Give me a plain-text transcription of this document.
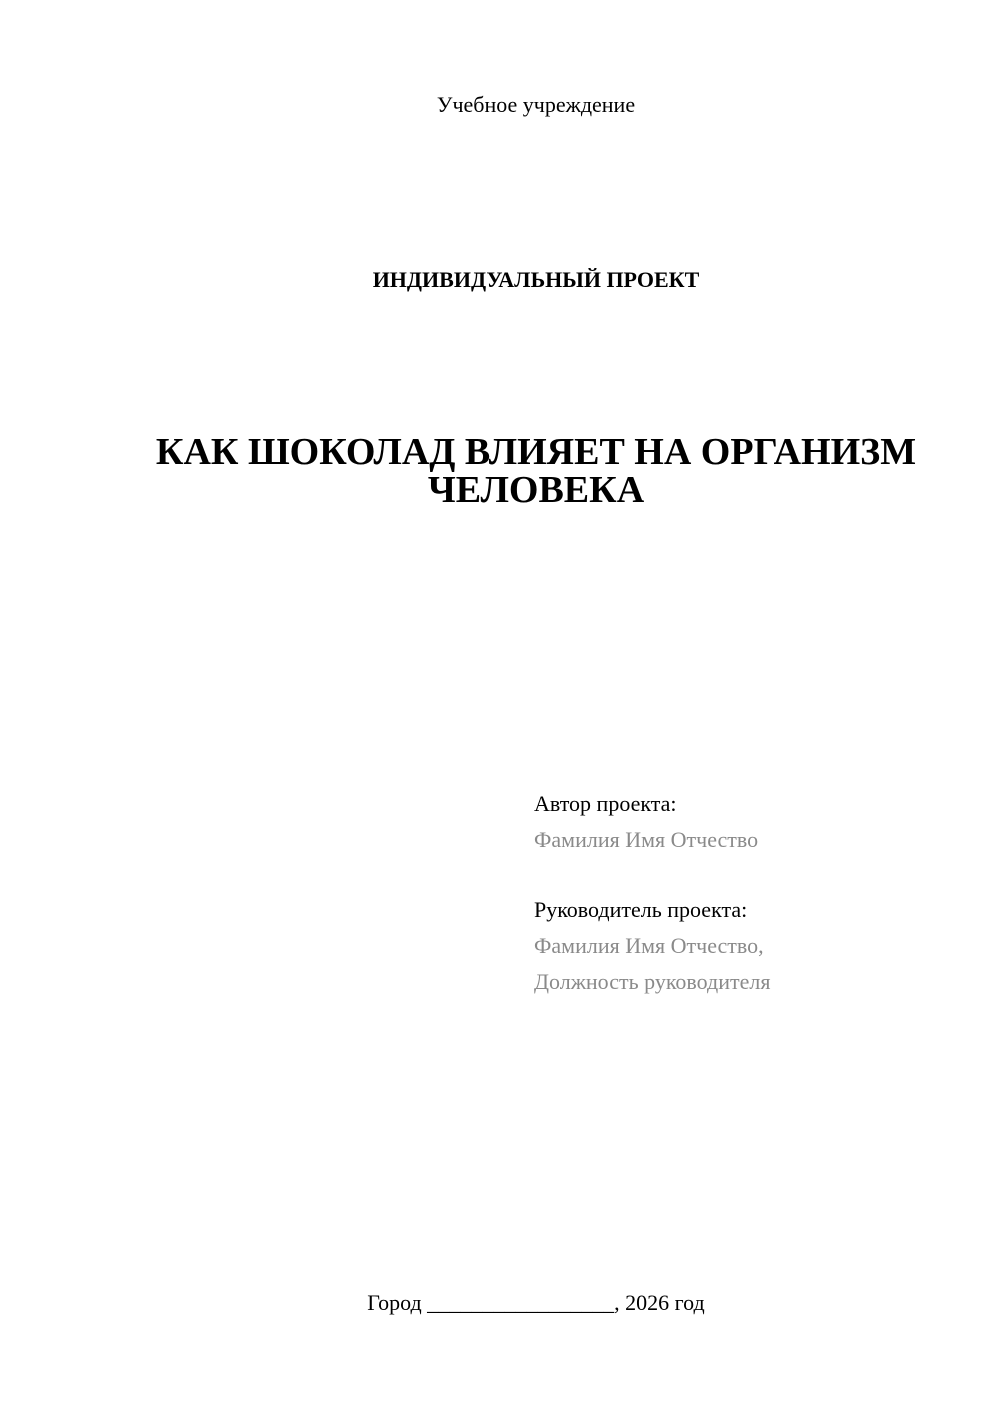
Учебное учреждение
ИНДИВИДУАЛЬНЫЙ ПРОЕКТ
КАК ШОКОЛАД ВЛИЯЕТ НА ОРГАНИЗМ
ЧЕЛОВЕКА
Автор проекта:
Фамилия Имя Отчество
Руководитель проекта:
Фамилия Имя Отчество,
Должность руководителя
Город _________________, 2026 год
